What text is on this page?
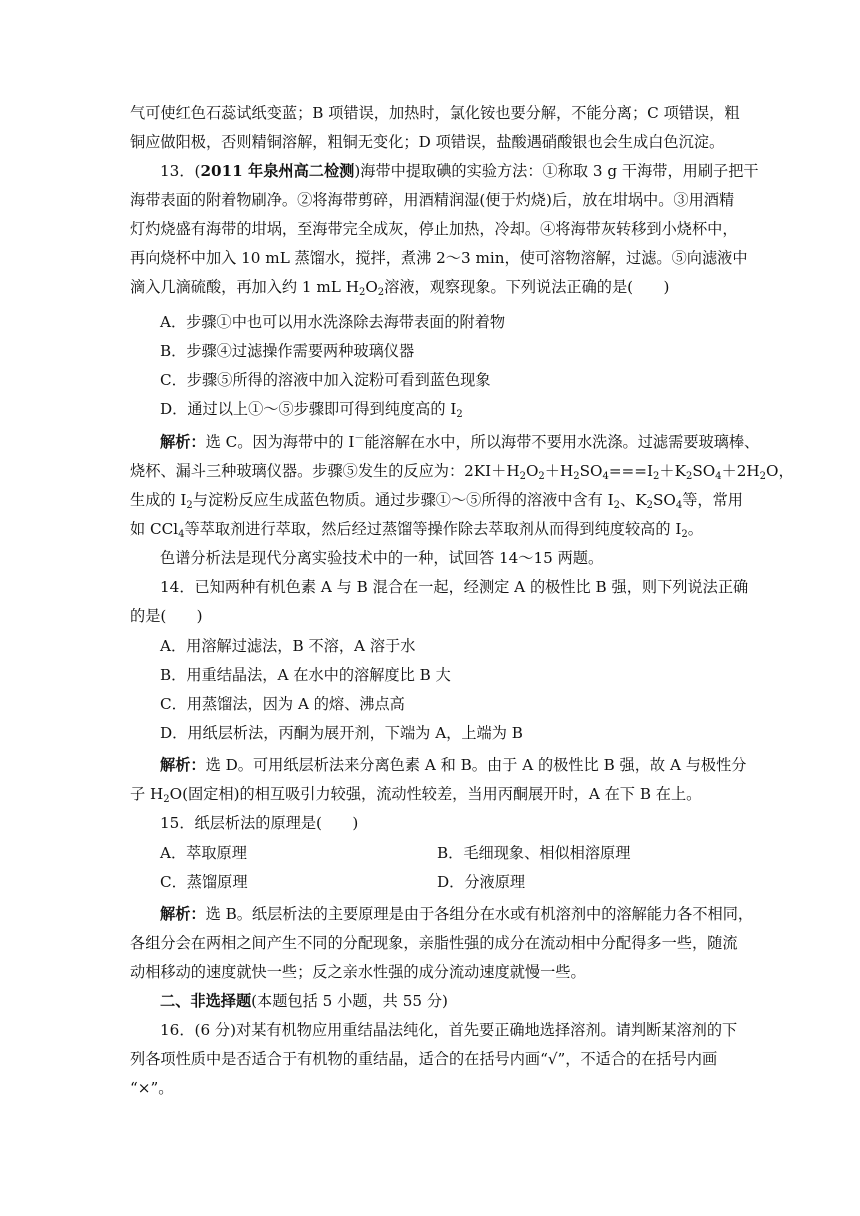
气可使红色石蕊试纸变蓝；B 项错误，加热时，氯化铵也要分解，不能分离；C 项错误，粗
铜应做阳极，否则精铜溶解，粗铜无变化；D 项错误，盐酸遇硝酸银也会生成白色沉淀。
13．(2011 年泉州高二检测)海带中提取碘的实验方法：①称取 3 g 干海带，用刷子把干
海带表面的附着物刷净。②将海带剪碎，用酒精润湿(便于灼烧)后，放在坩埚中。③用酒精
灯灼烧盛有海带的坩埚，至海带完全成灰，停止加热，冷却。④将海带灰转移到小烧杯中，
再向烧杯中加入 10 mL 蒸馏水，搅拌，煮沸 2～3 min，使可溶物溶解，过滤。⑤向滤液中
滴入几滴硫酸，再加入约 1 mL $H_2O_2$溶液，观察现象。下列说法正确的是(　　)
A．步骤①中也可以用水洗涤除去海带表面的附着物
B．步骤④过滤操作需要两种玻璃仪器
C．步骤⑤所得的溶液中加入淀粉可看到蓝色现象
D．通过以上①～⑤步骤即可得到纯度高的 $I_2$
解析：选 C。因为海带中的 I－能溶解在水中，所以海带不要用水洗涤。过滤需要玻璃棒、
烧杯、漏斗三种玻璃仪器。步骤⑤发生的反应为：$2KI+H_2O_2+H_2SO_4===I_2+K_2SO_4+2H_2O$，
生成的 $I_2$与淀粉反应生成蓝色物质。通过步骤①～⑤所得的溶液中含有 $I_2$、$K_2SO_4$等，常用
如 CCl$_4$等萃取剂进行萃取，然后经过蒸馏等操作除去萃取剂从而得到纯度较高的 $I_2$。
色谱分析法是现代分离实验技术中的一种，试回答 14～15 两题。
14．已知两种有机色素 A 与 B 混合在一起，经测定 A 的极性比 B 强，则下列说法正确
的是(　　)
A．用溶解过滤法，B 不溶，A 溶于水
B．用重结晶法，A 在水中的溶解度比 B 大
C．用蒸馏法，因为 A 的熔、沸点高
D．用纸层析法，丙酮为展开剂，下端为 A，上端为 B
解析：选 D。可用纸层析法来分离色素 A 和 B。由于 A 的极性比 B 强，故 A 与极性分
子 $H_2O$(固定相)的相互吸引力较强，流动性较差，当用丙酮展开时，A 在下 B 在上。
15．纸层析法的原理是(　　)
A．萃取原理	B．毛细现象、相似相溶原理
C．蒸馏原理	D．分液原理
解析：选 B。纸层析法的主要原理是由于各组分在水或有机溶剂中的溶解能力各不相同，
各组分会在两相之间产生不同的分配现象，亲脂性强的成分在流动相中分配得多一些，随流
动相移动的速度就快一些；反之亲水性强的成分流动速度就慢一些。
二、非选择题(本题包括 5 小题，共 55 分)
16．(6 分)对某有机物应用重结晶法纯化，首先要正确地选择溶剂。请判断某溶剂的下
列各项性质中是否适合于有机物的重结晶，适合的在括号内画“√”，不适合的在括号内画
“×”。
